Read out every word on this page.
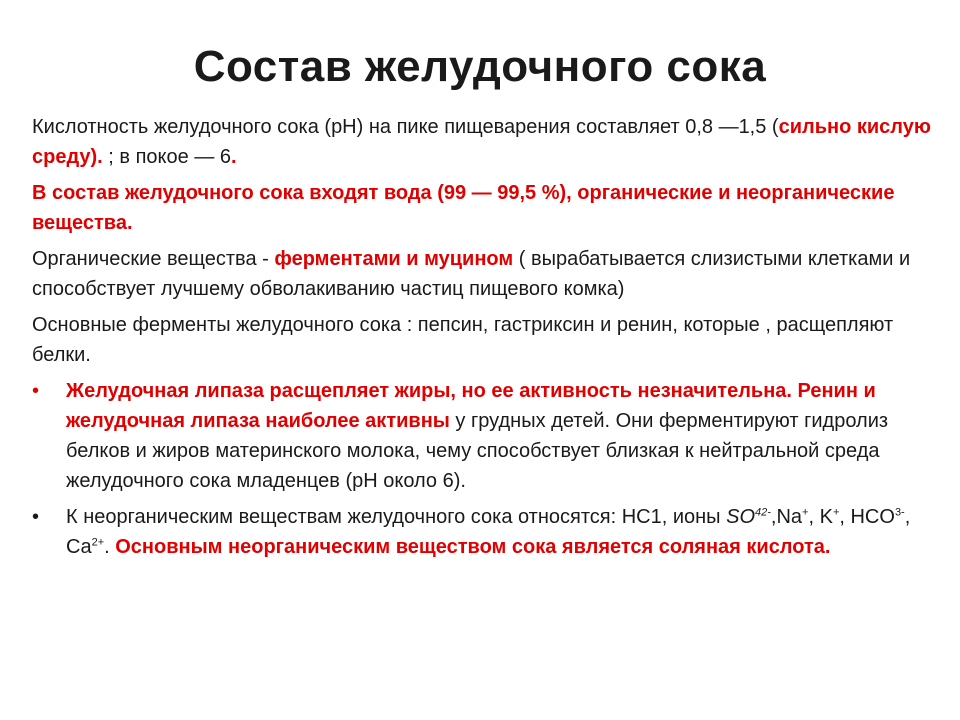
Состав желудочного сока

Кислотность желудочного сока (pH) на пике пищеварения составляет 0,8 —1,5 (сильно кислую среду). ; в покое — 6.

В состав желудочного сока входят вода (99 — 99,5 %), органические и неорганические вещества.

Органические вещества - ферментами и муцином ( вырабатывается слизистыми клетками и способствует лучшему обволакиванию частиц пищевого комка)

Основные ферменты желудочного сока : пепсин, гастриксин и ренин, которые , расщепляют белки.

•	Желудочная липаза расщепляет жиры, но ее активность незначительна. Ренин и желудочная липаза наиболее активны у грудных детей. Они ферментируют гидролиз белков и жиров материнского молока, чему способствует близкая к нейтральной среда желудочного сока младенцев (pH около 6).
•	К неорганическим веществам желудочного сока относятся: НС1, ионы $SO^{42-},Na^+$, K+, $HCO^{3-}$, $Ca^{2+}$. Основным неорганическим веществом сока является соляная кислота.
